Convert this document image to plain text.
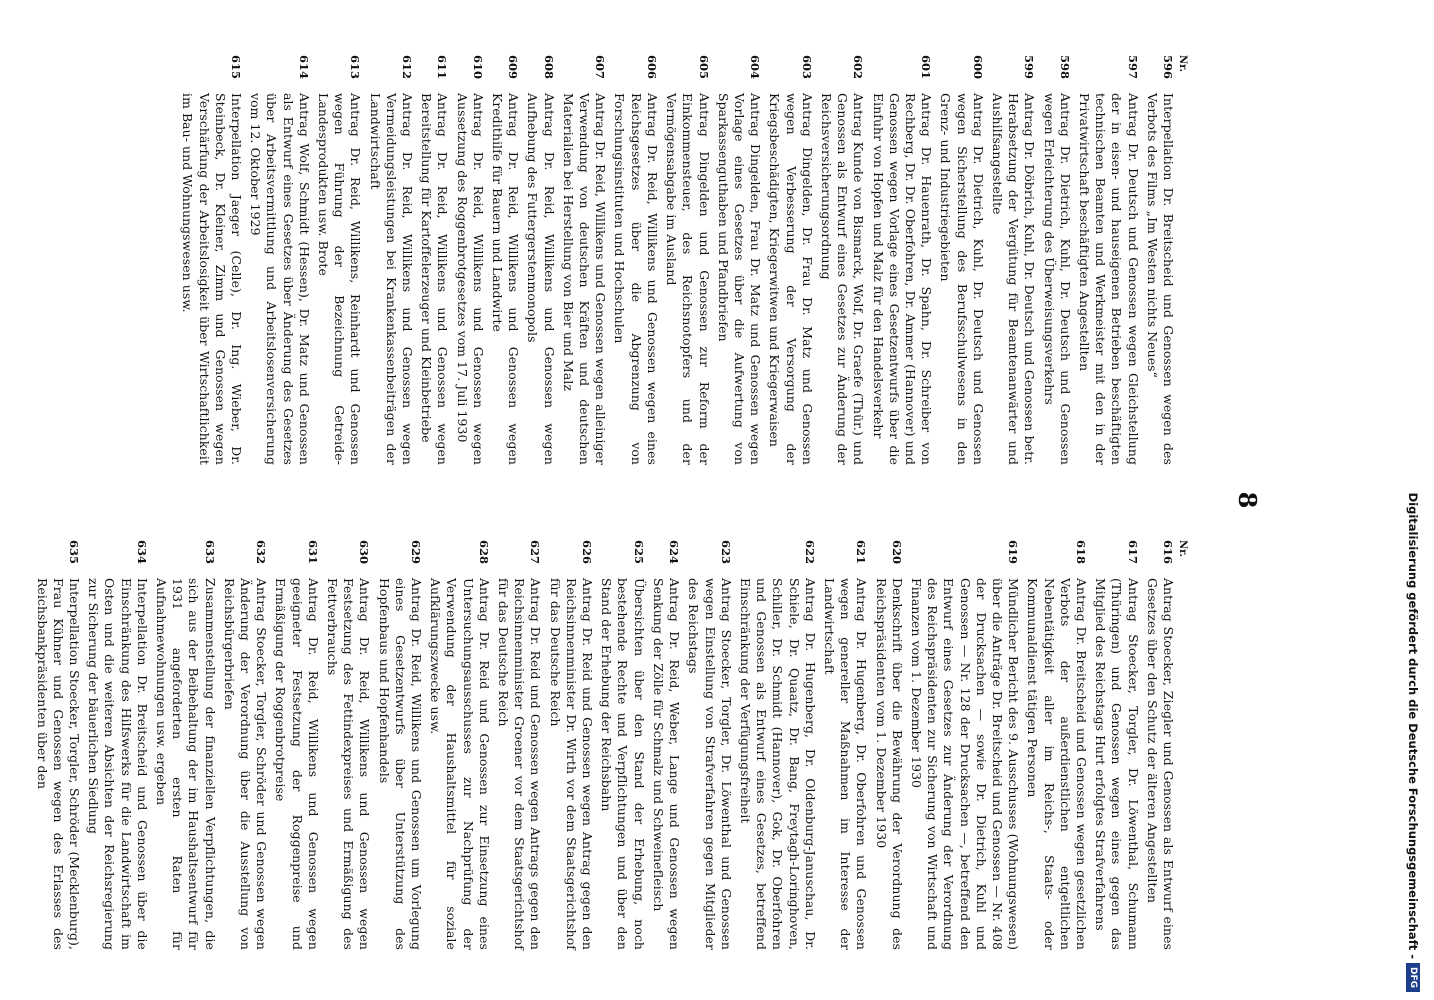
8
Nr.
596
Interpellation Dr. Breitscheid und Genossen wegen des Verbots des Films „Im Westen nichts Neues“
597
Antrag Dr. Deutsch und Genossen wegen Gleichstellung der in eisen- und hauseigenen Betrieben beschäftigten technischen Beamten und Werkmeister mit den in der Privatwirtschaft beschäftigten Angestellten
598
Antrag Dr. Dietrich, Kuhl, Dr. Deutsch und Genossen wegen Erleichterung des Überweisungsverkehrs
599
Antrag Dr. Döbrich, Kuhl, Dr. Deutsch und Genossen betr. Herabsetzung der Vergütung für Beamtenanwärter und Aushilfsangestellte
600
Antrag Dr. Dietrich, Kuhl, Dr. Deutsch und Genossen wegen Sicherstellung des Berufsschulwesens in den Grenz- und Industriegebieten
601
Antrag Dr. Hauenrath, Dr. Spahn, Dr. Schreiber von Rechberg, Dr. Dr. Oberfohren, Dr. Ammer (Hannover) und Genossen wegen Vorlage eines Gesetzentwurfs über die Einfuhr von Hopfen und Malz für den Handelsverkehr
602
Antrag Kunde von Bismarck, Wolf, Dr. Graefe (Thür.) und Genossen als Entwurf eines Gesetzes zur Änderung der Reichsversicherungsordnung
603
Antrag Dingelden, Dr. Frau Dr. Matz und Genossen wegen Verbesserung der Versorgung der Kriegsbeschädigten, Kriegerwitwen und Kriegerwaisen
604
Antrag Dingelden, Frau Dr. Matz und Genossen wegen Vorlage eines Gesetzes über die Aufwertung von Sparkassenguthaben und Pfandbriefen
605
Antrag Dingelden und Genossen zur Reform der Einkommensteuer, des Reichsnotopfers und der Vermögensabgabe im Ausland
606
Antrag Dr. Reid, Willikens und Genossen wegen eines Reichsgesetzes über die Abgrenzung von Forschungsinstituten und Hochschulen
607
Antrag Dr. Reid, Willikens und Genossen wegen alleiniger Verwendung von deutschen Kräften und deutschen Materialien bei Herstellung von Bier und Malz
608
Antrag Dr. Reid, Willikens und Genossen wegen Aufhebung des Futtergerstenmonopols
609
Antrag Dr. Reid, Willikens und Genossen wegen Kredithilfe für Bauern und Landwirte
610
Antrag Dr. Reid, Willikens und Genossen wegen Aussetzung des Roggenbrotgesetzes vom 17. Juli 1930
611
Antrag Dr. Reid, Willikens und Genossen wegen Bereitstellung für Kartoffelerzeuger und Kleinbetriebe
612
Antrag Dr. Reid, Willikens und Genossen wegen Vermeidungsleistungen bei Krankenkassenbeiträgen der Landwirtschaft
613
Antrag Dr. Reid, Willikens, Reinhardt und Genossen wegen Führung der Bezeichnung Getreide-Landesprodukten usw. Brote
614
Antrag Wolf, Schmidt (Hessen), Dr. Matz und Genossen als Entwurf eines Gesetzes über Änderung des Gesetzes über Arbeitsvermittlung und Arbeitslosenversicherung vom 12. Oktober 1929
615
Interpellation Jaeger (Celle), Dr. Ing. Wieber, Dr. Steinbeck, Dr. Kleiner, Zimm und Genossen wegen Verschärfung der Arbeitslosigkeit über Wirtschaftlichkeit im Bau- und Wohnungswesen usw.
Nr.
616
Antrag Stoecker, Ziegler und Genossen als Entwurf eines Gesetzes über den Schutz der älteren Angestellten
617
Antrag Stoecker, Torgler, Dr. Löwenthal, Schumann (Thüringen) und Genossen wegen eines gegen das Mitglied des Reichstags Hurt erfolgtes Strafverfahrens
618
Antrag Dr. Breitscheid und Genossen wegen gesetzlichen Verbots der außerdienstlichen entgeltlichen Nebentätigkeit aller im Reichs-, Staats- oder Kommunaldienst tätigen Personen
619
Mündlicher Bericht des 9. Ausschusses (Wohnungswesen) über die Anträge Dr. Breitscheid und Genossen — Nr. 408 der Drucksachen — sowie Dr. Dietrich, Kuhl und Genossen — Nr. 128 der Drucksachen —, betreffend den Entwurf eines Gesetzes zur Änderung der Verordnung des Reichspräsidenten zur Sicherung von Wirtschaft und Finanzen vom 1. Dezember 1930
620
Denkschrift über die Bewährung der Verordnung des Reichspräsidenten vom 1. Dezember 1930
621
Antrag Dr. Hugenberg, Dr. Oberfohren und Genossen wegen genereller Maßnahmen im Interesse der Landwirtschaft
622
Antrag Dr. Hugenberg, Dr. Oldenburg-Januschau, Dr. Schiele, Dr. Quaatz, Dr. Bang, Freytagh-Loringhoven, Schiller, Dr. Schmidt (Hannover), Gok, Dr. Oberfohren und Genossen als Entwurf eines Gesetzes, betreffend Einschränkung der Verfügungsfreiheit
623
Antrag Stoecker, Torgler, Dr. Löwenthal und Genossen wegen Einstellung von Strafverfahren gegen Mitglieder des Reichstags
624
Antrag Dr. Reid, Weber, Lange und Genossen wegen Senkung der Zölle für Schmalz und Schweinefleisch
625
Übersichten über den Stand der Erhebung, noch bestehende Rechte und Verpflichtungen und über den Stand der Erhebung der Reichsbahn
626
Antrag Dr. Reid und Genossen wegen Antrag gegen den Reichsinnenminister Dr. Wirth vor dem Staatsgerichtshof für das Deutsche Reich
627
Antrag Dr. Reid und Genossen wegen Antrags gegen den Reichsinnenminister Groener vor dem Staatsgerichtshof für das Deutsche Reich
628
Antrag Dr. Reid und Genossen zur Einsetzung eines Untersuchungsausschusses zur Nachprüfung der Verwendung der Haushaltsmittel für soziale Aufklärungszwecke usw.
629
Antrag Dr. Reid, Willikens und Genossen um Vorlegung eines Gesetzentwurfs über Unterstützung des Hopfenbaus und Hopfenhandels
630
Antrag Dr. Reid, Willikens und Genossen wegen Festsetzung des Fettindexpreises und Ermäßigung des Fettverbrauchs
631
Antrag Dr. Reid, Willikens und Genossen wegen geeigneter Festsetzung der Roggenpreise und Ermäßigung der Roggenbrotpreise
632
Antrag Stoecker, Torgler, Schröder und Genossen wegen Änderung der Verordnung über die Ausstellung von Reichsbürgerbriefen
633
Zusammenstellung der finanziellen Verpflichtungen, die sich aus der Beibehaltung der im Haushaltsentwurf für 1931 angeforderten ersten Raten für Aufnahmewohnungen usw. ergeben
634
Interpellation Dr. Breitscheid und Genossen über die Einschränkung des Hilfswerks für die Landwirtschaft im Osten und die weiteren Absichten der Reichsregierung zur Sicherung der bäuerlichen Siedlung
635
Interpellation Stoecker, Torgler, Schröder (Mecklenburg), Frau Kühner und Genossen wegen des Erlasses des Reichsbankpräsidenten über den	Digitalisierung gefördert durch die Deutsche Forschungsgemeinschaft -
DFG
